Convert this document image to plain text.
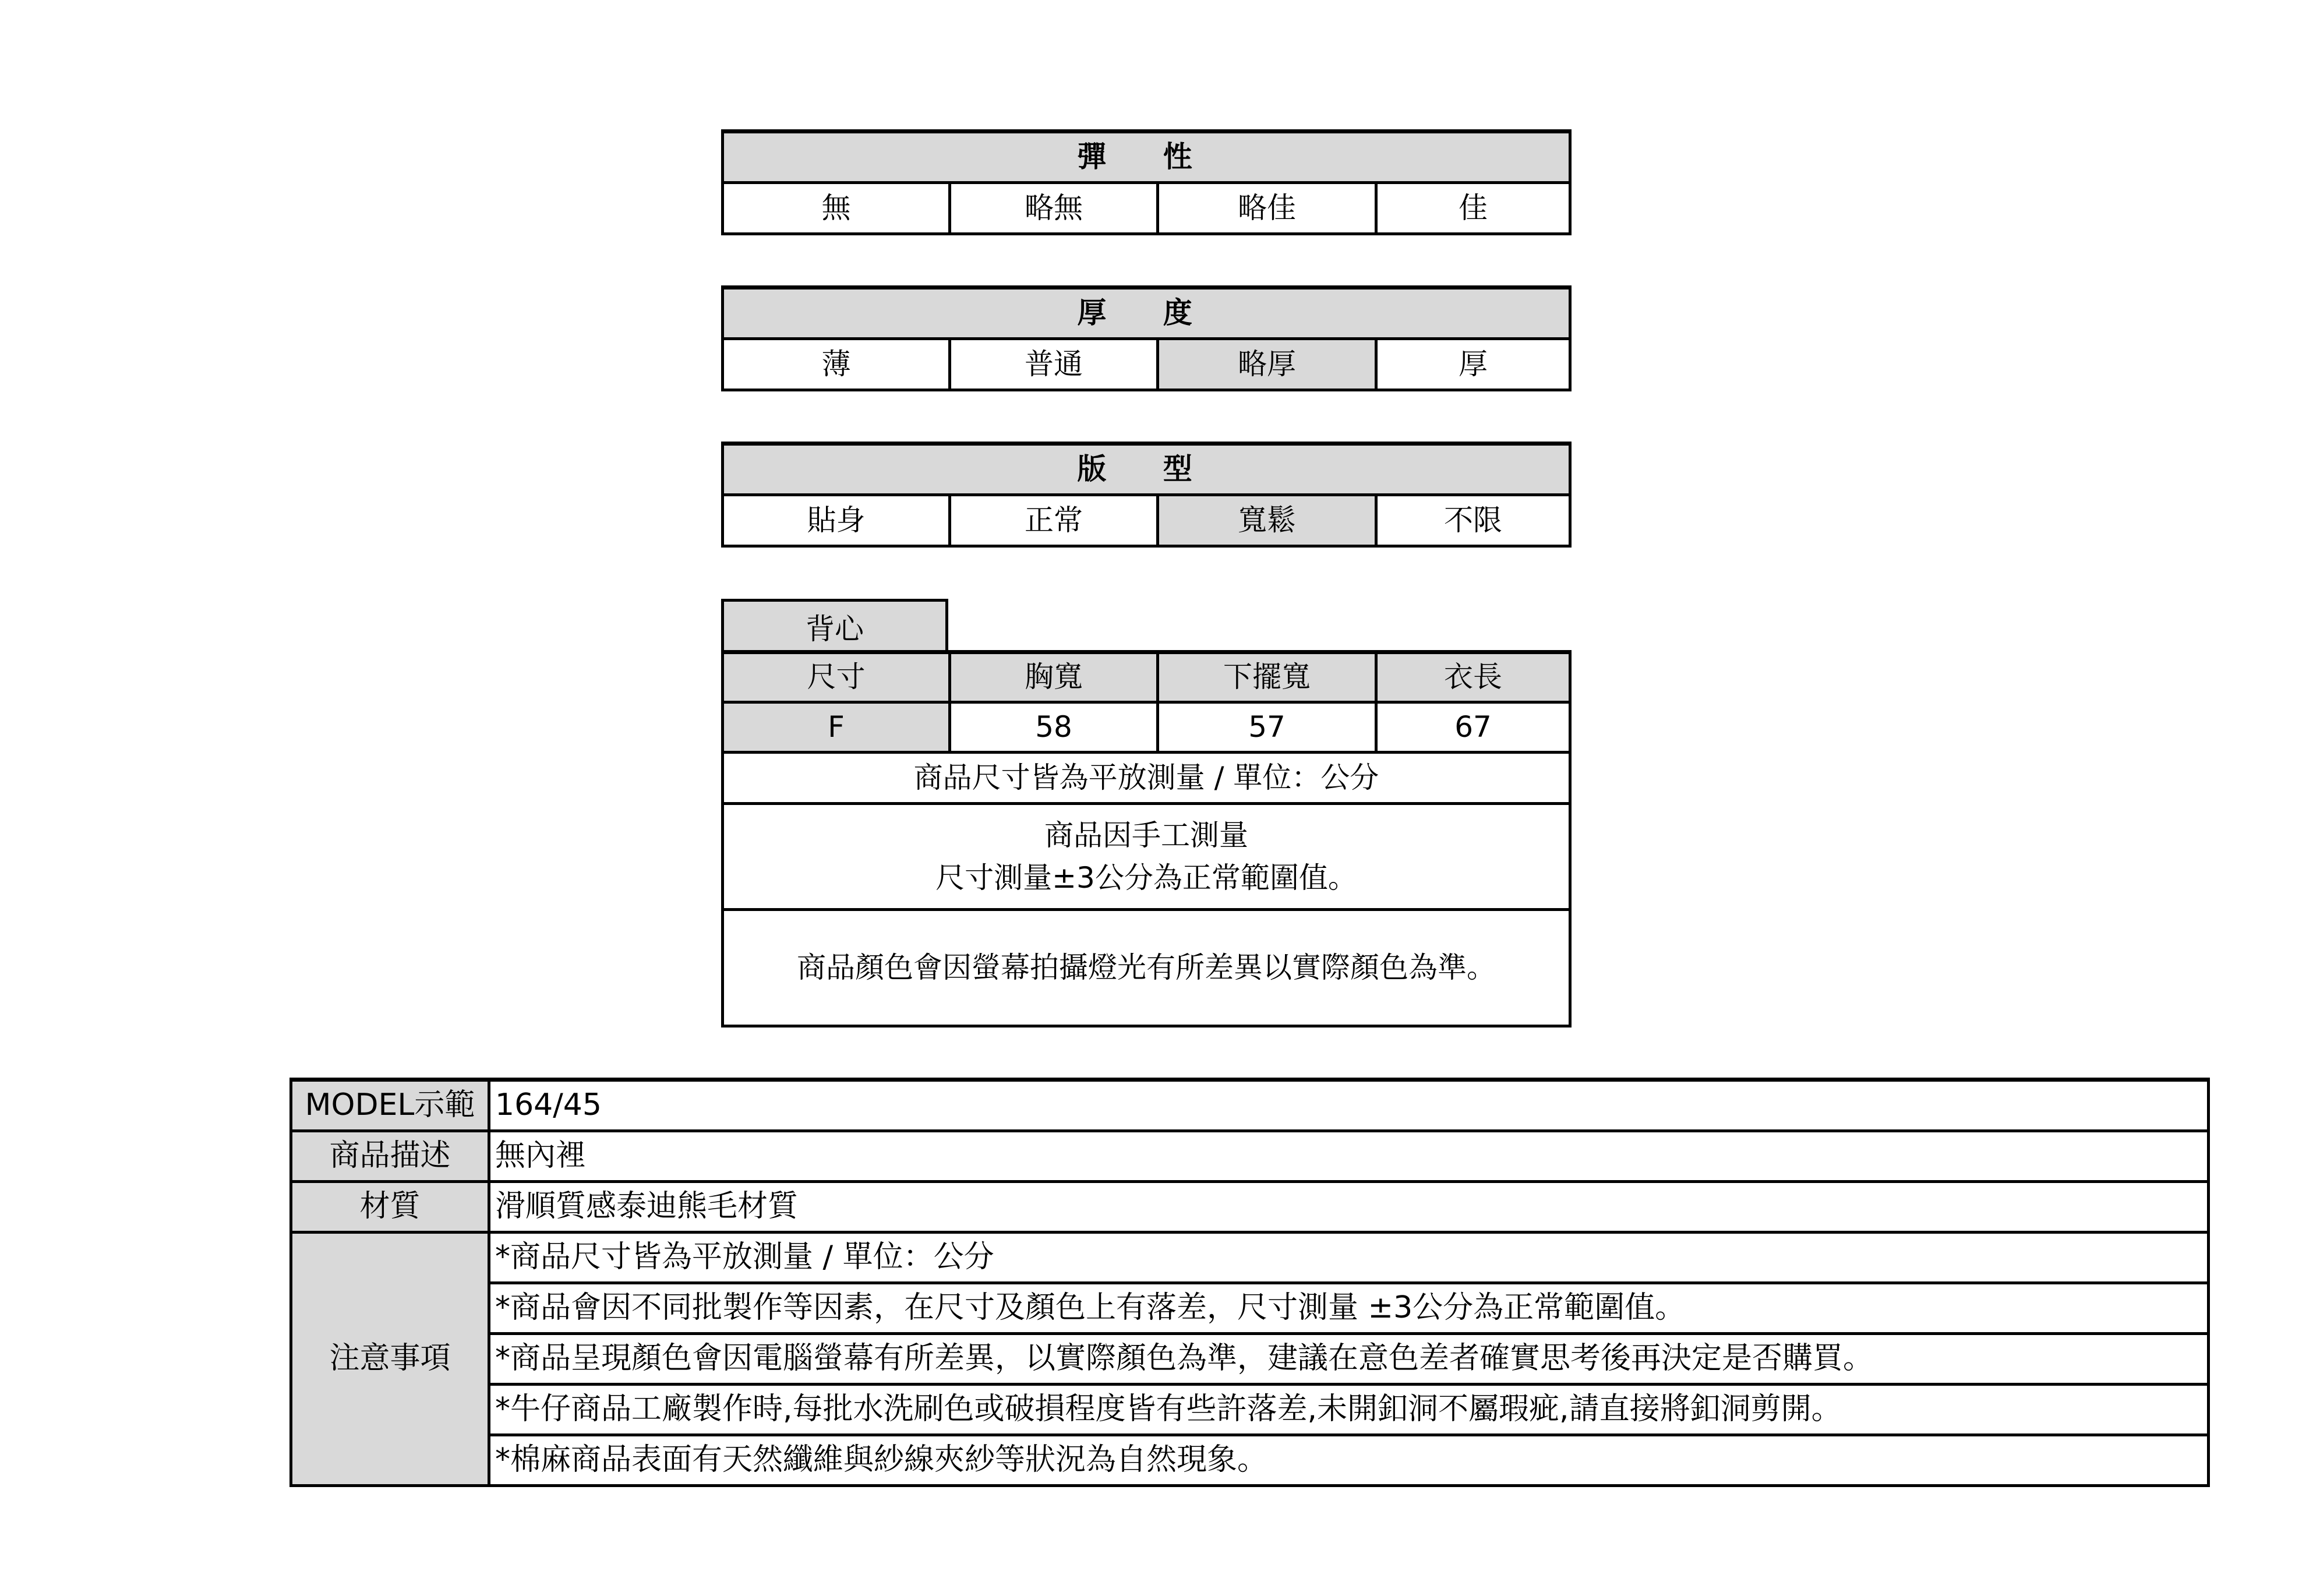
彈 性
無	略無	略佳	佳
厚 度
薄	普通	略厚	厚
版 型
貼身	正常	寬鬆	不限
背心
尺寸	胸寬	下擺寬	衣長
F	58	57	67
商品尺寸皆為平放測量 / 單位：公分			

商品因手工測量
尺寸測量±3公分為正常範圍值。			

商品顏色會因螢幕拍攝燈光有所差異以實際顏色為準。			
MODEL示範	164/45
商品描述	無內裡
材質	滑順質感泰迪熊毛材質
注意事項	*商品尺寸皆為平放測量 / 單位：公分
	*商品會因不同批製作等因素，在尺寸及顏色上有落差，尺寸測量 ±3公分為正常範圍值。
	*商品呈現顏色會因電腦螢幕有所差異，以實際顏色為準，建議在意色差者確實思考後再決定是否購買。
	*牛仔商品工廠製作時,每批水洗刷色或破損程度皆有些許落差,未開釦洞不屬瑕疵,請直接將釦洞剪開。
	*棉麻商品表面有天然纖維與紗線夾紗等狀況為自然現象。
